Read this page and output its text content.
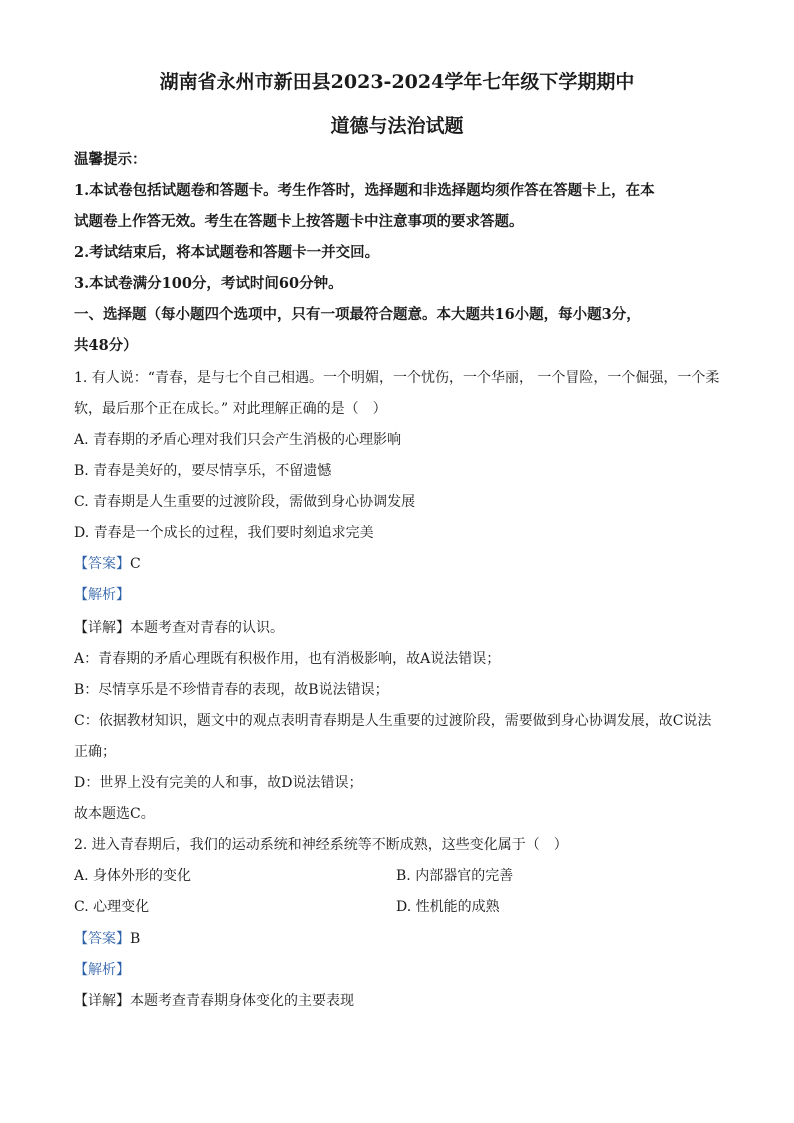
湖南省永州市新田县2023-2024学年七年级下学期期中
道德与法治试题
温馨提示：
1.本试卷包括试题卷和答题卡。考生作答时，选择题和非选择题均须作答在答题卡上，在本
试题卷上作答无效。考生在答题卡上按答题卡中注意事项的要求答题。
2.考试结束后，将本试题卷和答题卡一并交回。
3.本试卷满分100分，考试时间60分钟。
一、选择题（每小题四个选项中，只有一项最符合题意。本大题共16小题，每小题3分，
共48分）
1. 有人说：“青春，是与七个自己相遇。一个明媚，一个忧伤，一个华丽， 一个冒险，一个倔强，一个柔
软，最后那个正在成长。” 对此理解正确的是（　）
A. 青春期的矛盾心理对我们只会产生消极的心理影响
B. 青春是美好的，要尽情享乐，不留遗憾
C. 青春期是人生重要的过渡阶段，需做到身心协调发展
D. 青春是一个成长的过程，我们要时刻追求完美
【答案】C
【解析】
【详解】本题考查对青春的认识。
A：青春期的矛盾心理既有积极作用，也有消极影响，故A说法错误；
B：尽情享乐是不珍惜青春的表现，故B说法错误；
C：依据教材知识，题文中的观点表明青春期是人生重要的过渡阶段，需要做到身心协调发展，故C说法
正确；
D：世界上没有完美的人和事，故D说法错误；
故本题选C。
2. 进入青春期后，我们的运动系统和神经系统等不断成熟，这些变化属于（　）
A. 身体外形的变化	B. 内部器官的完善
C. 心理变化	D. 性机能的成熟
【答案】B
【解析】
【详解】本题考查青春期身体变化的主要表现
